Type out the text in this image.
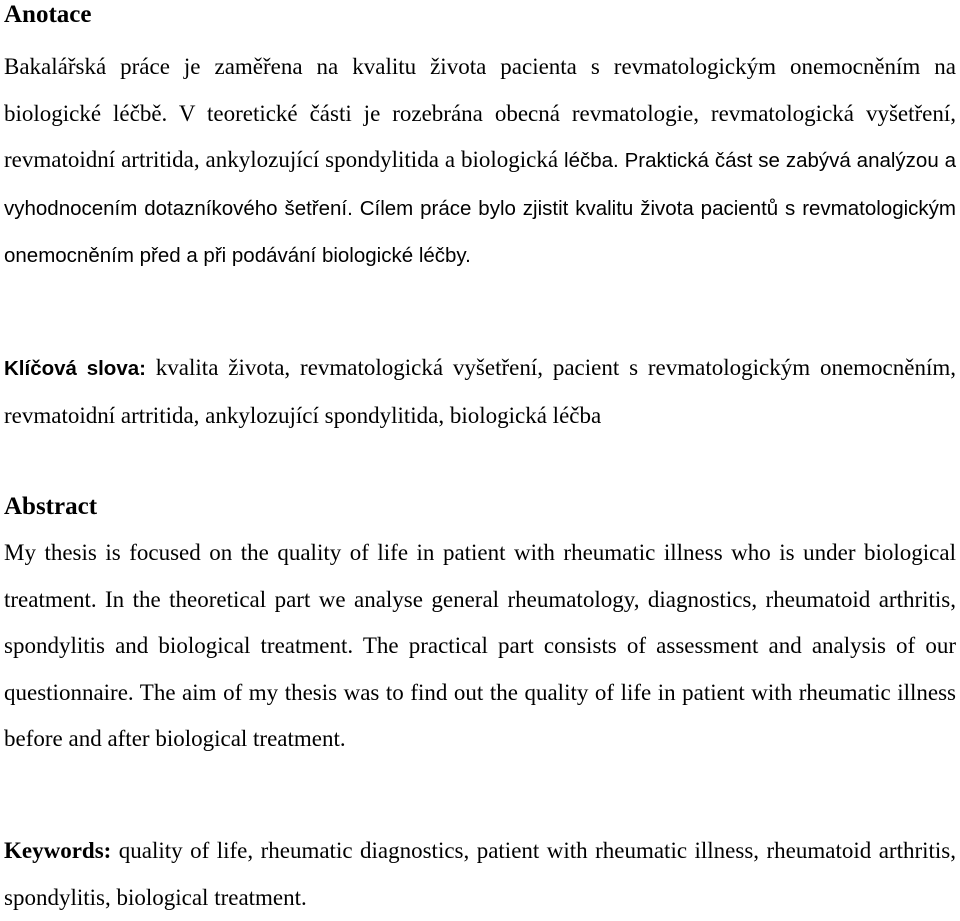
Anotace

Bakalářská práce je zaměřena na kvalitu života pacienta s revmatologickým onemocněním na biologické léčbě. V teoretické části je rozebrána obecná revmatologie, revmatologická vyšetření, revmatoidní artritida, ankylozující spondylitida a biologická léčba. Praktická část se zabývá analýzou a vyhodnocením dotazníkového šetření. Cílem práce bylo zjistit kvalitu života pacientů s revmatologickým onemocněním před a při podávání biologické léčby.

Klíčová slova: kvalita života, revmatologická vyšetření, pacient s revmatologickým onemocněním, revmatoidní artritida, ankylozující spondylitida, biologická léčba

Abstract

My thesis is focused on the quality of life in patient with rheumatic illness who is under biological treatment. In the theoretical part we analyse general rheumatology, diagnostics, rheumatoid arthritis, spondylitis and biological treatment. The practical part consists of assessment and analysis of our questionnaire. The aim of my thesis was to find out the quality of life in patient with rheumatic illness before and after biological treatment.

Keywords: quality of life, rheumatic diagnostics, patient with rheumatic illness, rheumatoid arthritis, spondylitis, biological treatment.
